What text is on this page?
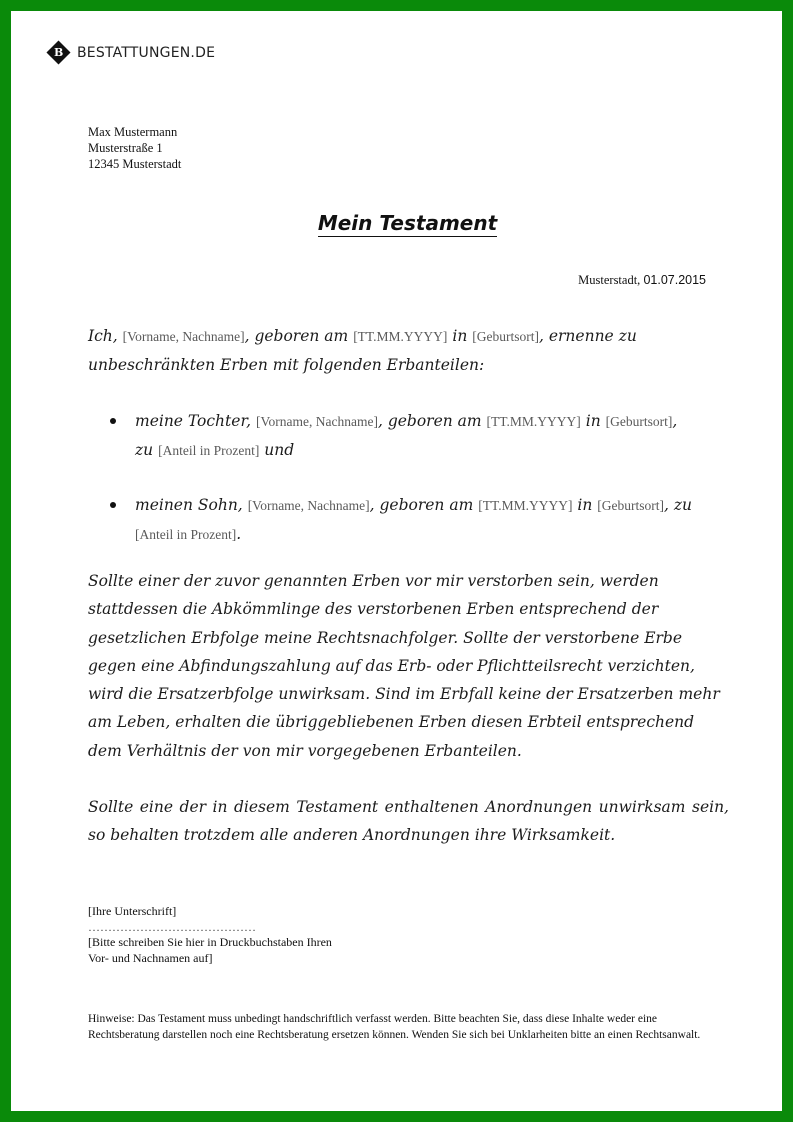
B BESTATTUNGEN.DE
Max Mustermann
Musterstraße 1
12345 Musterstadt
Mein Testament
Musterstadt, 01.07.2015
Ich, [Vorname, Nachname], geboren am [TT.MM.YYYY] in [Geburtsort], ernenne zu unbeschränkten Erben mit folgenden Erbanteilen:
meine Tochter, [Vorname, Nachname], geboren am [TT.MM.YYYY] in [Geburtsort],
zu [Anteil in Prozent] und
meinen Sohn, [Vorname, Nachname], geboren am [TT.MM.YYYY] in [Geburtsort], zu
[Anteil in Prozent].
Sollte einer der zuvor genannten Erben vor mir verstorben sein, werden stattdessen die Abkömmlinge des verstorbenen Erben entsprechend der gesetzlichen Erbfolge meine Rechtsnachfolger. Sollte der verstorbene Erbe gegen eine Abfindungszahlung auf das Erb- oder Pflichtteilsrecht verzichten, wird die Ersatzerbfolge unwirksam. Sind im Erbfall keine der Ersatzerben mehr am Leben, erhalten die übriggebliebenen Erben diesen Erbteil entsprechend dem Verhältnis der von mir vorgegebenen Erbanteilen.
Sollte eine der in diesem Testament enthaltenen Anordnungen unwirksam sein, so behalten trotzdem alle anderen Anordnungen ihre Wirksamkeit.
[Ihre Unterschrift]
……………………………………
[Bitte schreiben Sie hier in Druckbuchstaben Ihren
Vor- und Nachnamen auf]
Hinweise: Das Testament muss unbedingt handschriftlich verfasst werden. Bitte beachten Sie, dass diese Inhalte weder eine Rechtsberatung darstellen noch eine Rechtsberatung ersetzen können. Wenden Sie sich bei Unklarheiten bitte an einen Rechtsanwalt.
